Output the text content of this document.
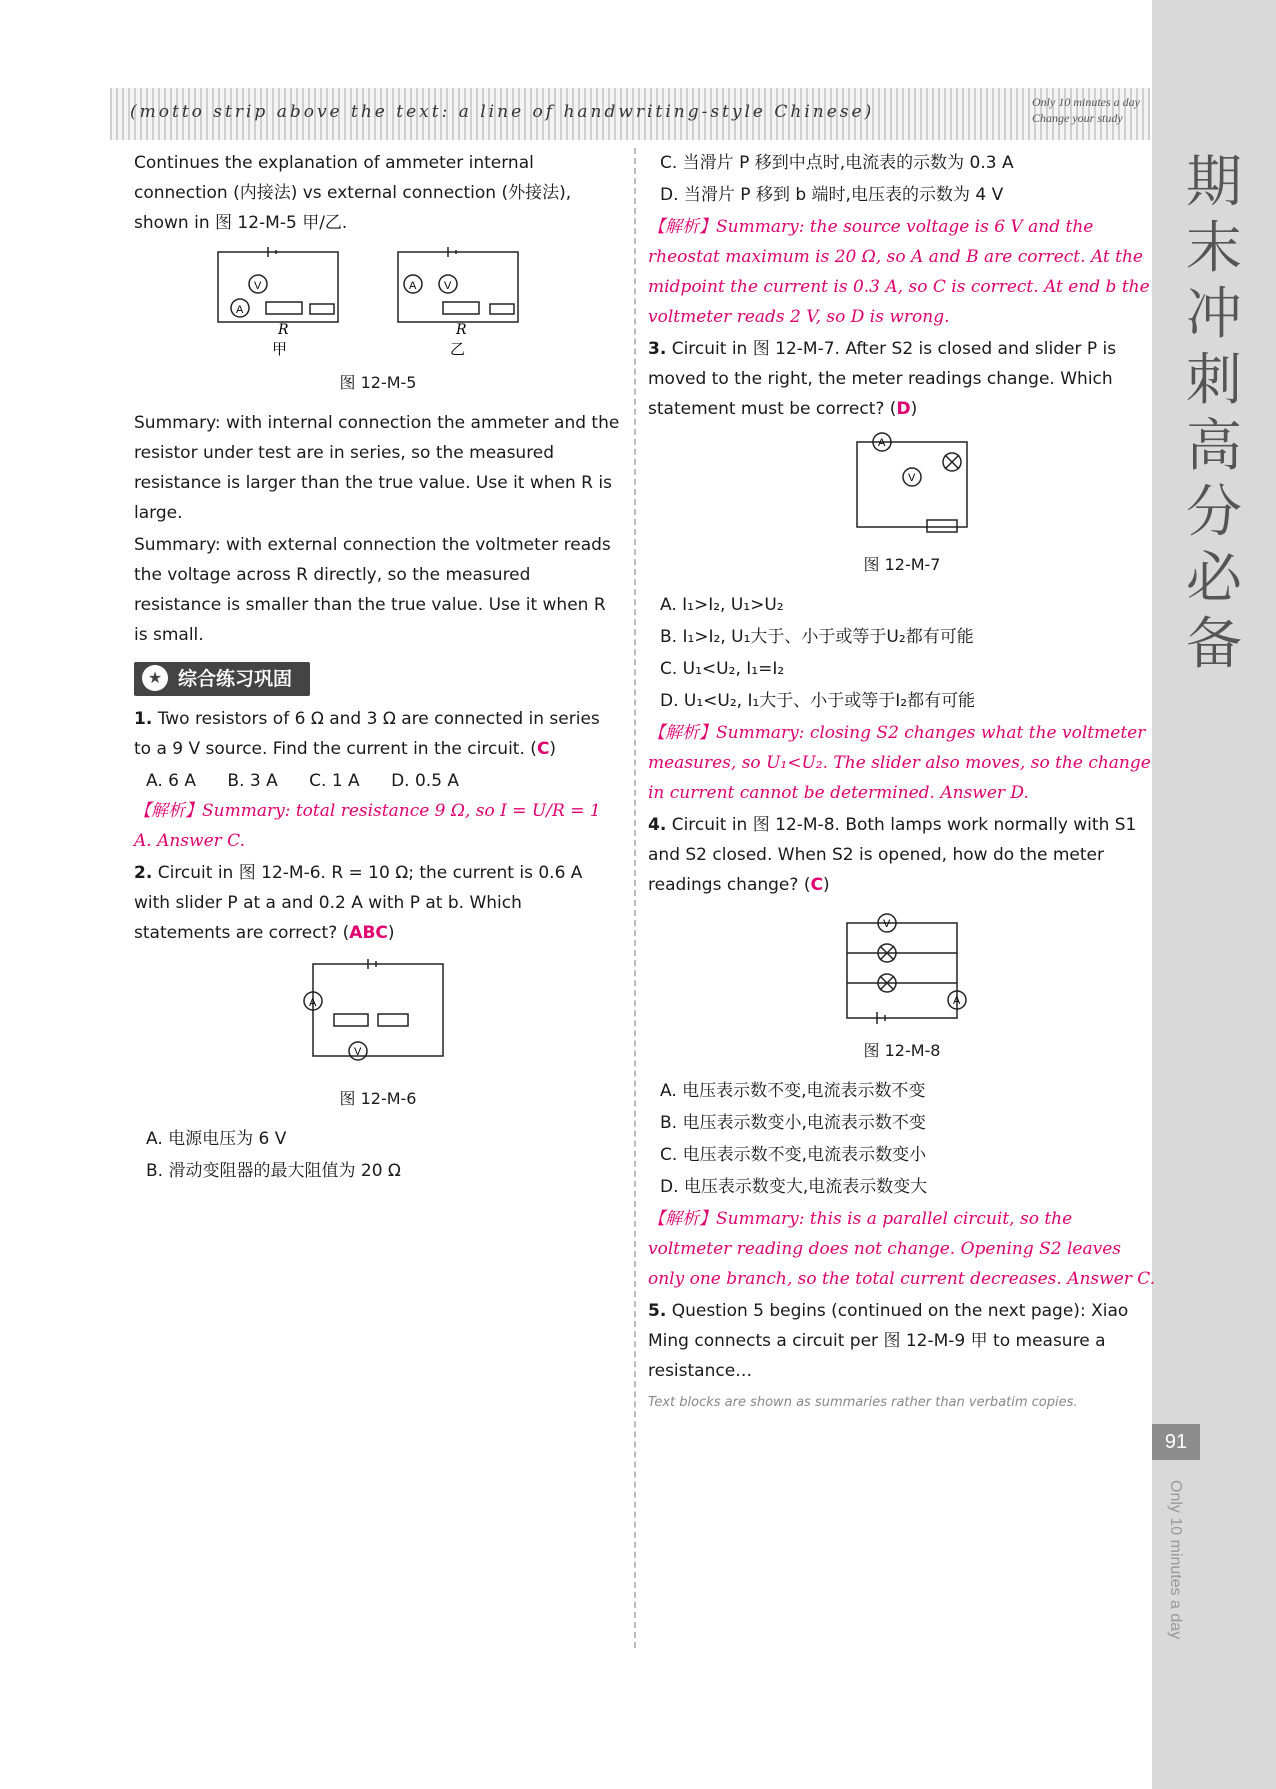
(motto strip above the text: a line of handwriting-style Chinese)	Only 10 minutes a day
Change your study
期末冲刺高分必备
91
Only 10 minutes a day

Continues the explanation of ammeter internal connection (内接法) vs external connection (外接法), shown in 图 12-M-5 甲/乙.

V
A
A	V
R	R
甲	乙
图 12-M-5

Summary: with internal connection the ammeter and the resistor under test are in series, so the measured resistance is larger than the true value. Use it when R is large.

Summary: with external connection the voltmeter reads the voltage across R directly, so the measured resistance is smaller than the true value. Use it when R is small.

★ 综合练习巩固

1. Two resistors of 6 Ω and 3 Ω are connected in series to a 9 V source. Find the current in the circuit. (C)

A. 6 A B. 3 A C. 1 A D. 0.5 A

【解析】Summary: total resistance 9 Ω, so I = U/R = 1 A. Answer C.

2. Circuit in 图 12-M-6. R = 10 Ω; the current is 0.6 A with slider P at a and 0.2 A with P at b. Which statements are correct? (ABC)

A
V
图 12-M-6

A. 电源电压为 6 V

B. 滑动变阻器的最大阻值为 20 Ω

C. 当滑片 P 移到中点时,电流表的示数为 0.3 A

D. 当滑片 P 移到 b 端时,电压表的示数为 4 V

【解析】Summary: the source voltage is 6 V and the rheostat maximum is 20 Ω, so A and B are correct. At the midpoint the current is 0.3 A, so C is correct. At end b the voltmeter reads 2 V, so D is wrong.

3. Circuit in 图 12-M-7. After S2 is closed and slider P is moved to the right, the meter readings change. Which statement must be correct? (D)

A
V
图 12-M-7

A. I₁>I₂, U₁>U₂

B. I₁>I₂, U₁大于、小于或等于U₂都有可能

C. U₁<U₂, I₁=I₂

D. U₁<U₂, I₁大于、小于或等于I₂都有可能

【解析】Summary: closing S2 changes what the voltmeter measures, so U₁<U₂. The slider also moves, so the change in current cannot be determined. Answer D.

4. Circuit in 图 12-M-8. Both lamps work normally with S1 and S2 closed. When S2 is opened, how do the meter readings change? (C)

V
A
图 12-M-8

A. 电压表示数不变,电流表示数不变

B. 电压表示数变小,电流表示数不变

C. 电压表示数不变,电流表示数变小

D. 电压表示数变大,电流表示数变大

【解析】Summary: this is a parallel circuit, so the voltmeter reading does not change. Opening S2 leaves only one branch, so the total current decreases. Answer C.

5. Question 5 begins (continued on the next page): Xiao Ming connects a circuit per 图 12-M-9 甲 to measure a resistance…

Text blocks are shown as summaries rather than verbatim copies.
